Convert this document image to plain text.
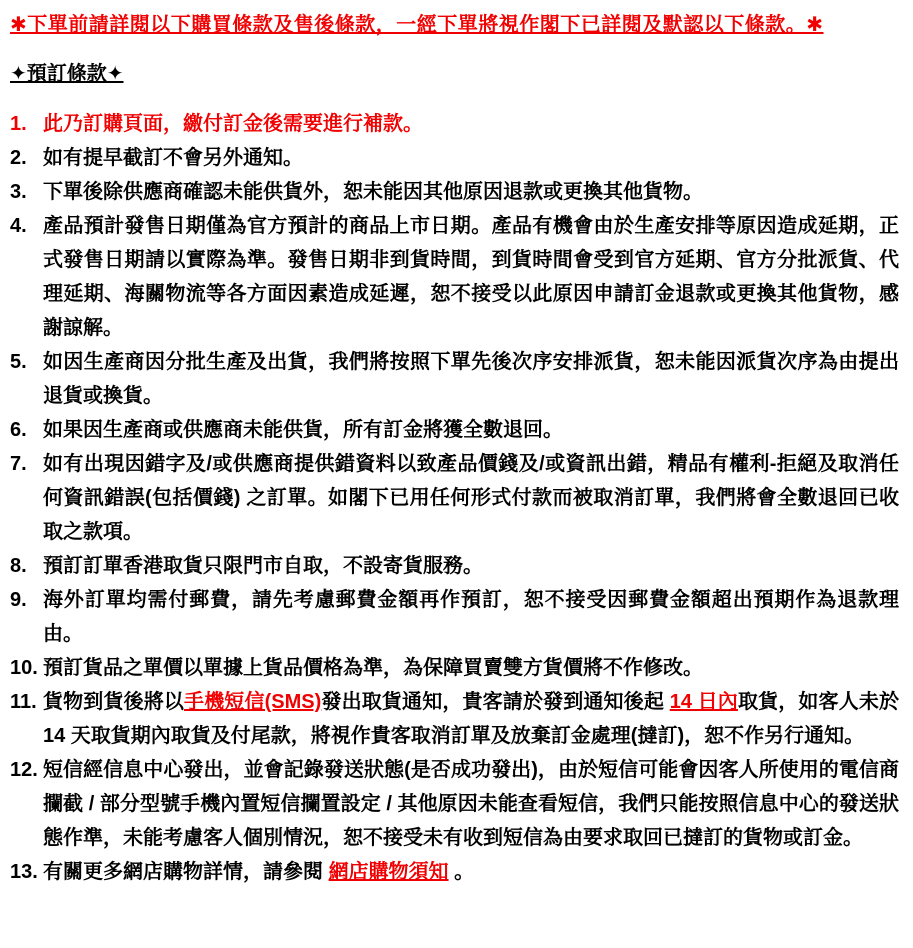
✱下單前請詳閱以下購買條款及售後條款，一經下單將視作閣下已詳閱及默認以下條款。✱
✦預訂條款✦
1. 此乃訂購頁面，繳付訂金後需要進行補款。
2. 如有提早截訂不會另外通知。
3. 下單後除供應商確認未能供貨外，恕未能因其他原因退款或更換其他貨物。
4. 產品預計發售日期僅為官方預計的商品上市日期。產品有機會由於生產安排等原因造成延期，正式發售日期請以實際為準。發售日期非到貨時間，到貨時間會受到官方延期、官方分批派貨、代理延期、海關物流等各方面因素造成延遲，恕不接受以此原因申請訂金退款或更換其他貨物，感謝諒解。
5. 如因生產商因分批生產及出貨，我們將按照下單先後次序安排派貨，恕未能因派貨次序為由提出退貨或換貨。
6. 如果因生產商或供應商未能供貨，所有訂金將獲全數退回。
7. 如有出現因錯字及/或供應商提供錯資料以致產品價錢及/或資訊出錯，精品有權利-拒絕及取消任何資訊錯誤(包括價錢) 之訂單。如閣下已用任何形式付款而被取消訂單，我們將會全數退回已收取之款項。
8. 預訂訂單香港取貨只限門市自取，不設寄貨服務。
9. 海外訂單均需付郵費，請先考慮郵費金額再作預訂，恕不接受因郵費金額超出預期作為退款理由。
10. 預訂貨品之單價以單據上貨品價格為準，為保障買賣雙方貨價將不作修改。
11. 貨物到貨後將以手機短信(SMS)發出取貨通知，貴客請於發到通知後起 14 日內取貨，如客人未於 14 天取貨期內取貨及付尾款，將視作貴客取消訂單及放棄訂金處理(撻訂)，恕不作另行通知。
12. 短信經信息中心發出，並會記錄發送狀態(是否成功發出)，由於短信可能會因客人所使用的電信商攔截 / 部分型號手機內置短信攔置設定 / 其他原因未能查看短信，我們只能按照信息中心的發送狀態作準，未能考慮客人個別情況，恕不接受未有收到短信為由要求取回已撻訂的貨物或訂金。
13. 有關更多網店購物詳情，請參閱 網店購物須知 。
